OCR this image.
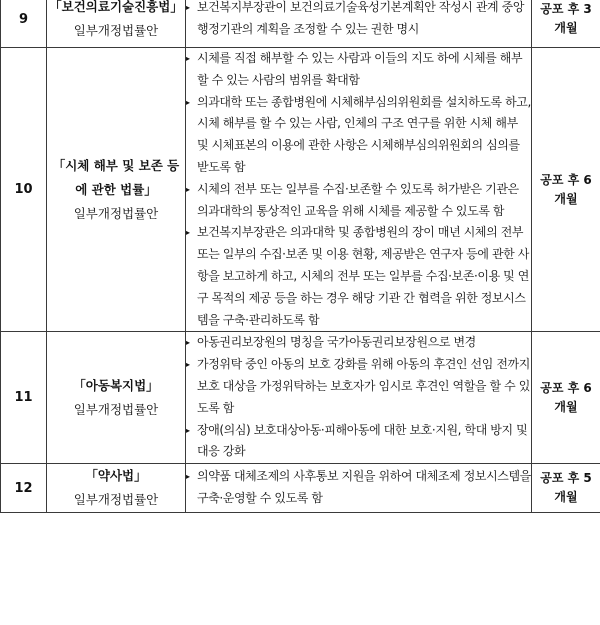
9	「보건의료기술진흥법」
일부개정법률안	▸ 보건복지부장관이 보건의료기술육성기본계획안 작성시 관계 중앙행정기관의 계획을 조정할 수 있는 권한 명시	공포 후 3
개월

10	「시체 해부 및 보존 등에 관한 법률」
일부개정법률안	▸ 시체를 직접 해부할 수 있는 사람과 이들의 지도 하에 시체를 해부할 수 있는 사람의 범위를 확대함
▸ 의과대학 또는 종합병원에 시체해부심의위원회를 설치하도록 하고, 시체 해부를 할 수 있는 사람, 인체의 구조 연구를 위한 시체 해부 및 시체표본의 이용에 관한 사항은 시체해부심의위원회의 심의를 받도록 함
▸ 시체의 전부 또는 일부를 수집·보존할 수 있도록 허가받은 기관은 의과대학의 통상적인 교육을 위해 시체를 제공할 수 있도록 함
▸ 보건복지부장관은 의과대학 및 종합병원의 장이 매년 시체의 전부 또는 일부의 수집·보존 및 이용 현황, 제공받은 연구자 등에 관한 사항을 보고하게 하고, 시체의 전부 또는 일부를 수집·보존·이용 및 연구 목적의 제공 등을 하는 경우 해당 기관 간 협력을 위한 정보시스템을 구축·관리하도록 함	공포 후 6
개월

11	「아동복지법」
일부개정법률안	▸ 아동권리보장원의 명칭을 국가아동권리보장원으로 변경
▸ 가정위탁 중인 아동의 보호 강화를 위해 아동의 후견인 선임 전까지 보호 대상을 가정위탁하는 보호자가 임시로 후견인 역할을 할 수 있도록 함
▸ 장애(의심) 보호대상아동·피해아동에 대한 보호·지원, 학대 방지 및 대응 강화	공포 후 6
개월

12	「약사법」
일부개정법률안	▸ 의약품 대체조제의 사후통보 지원을 위하여 대체조제 정보시스템을 구축·운영할 수 있도록 함	공포 후 5
개월
